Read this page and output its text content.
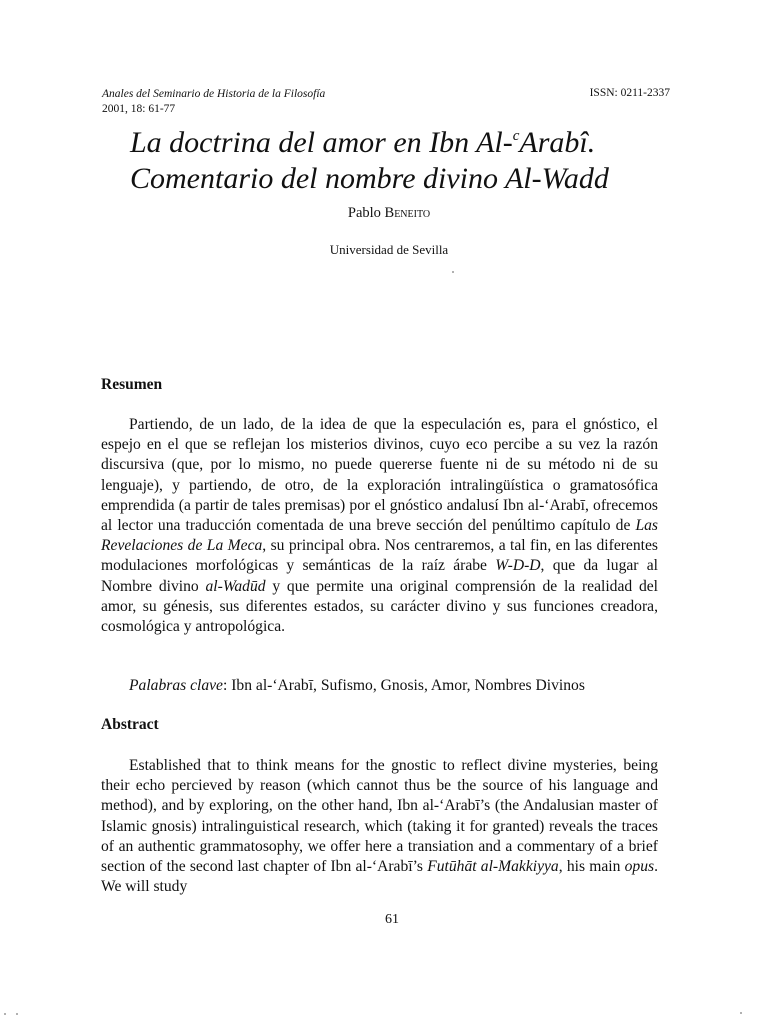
Anales del Seminario de Historia de la Filosofía
2001, 18: 61-77
ISSN: 0211-2337
La doctrina del amor en Ibn Al-$^c$Arabî.
Comentario del nombre divino Al-Wadd
Pablo Beneito
Universidad de Sevilla
Resumen

Partiendo, de un lado, de la idea de que la especulación es, para el gnóstico, el espejo en el que se reflejan los misterios divinos, cuyo eco percibe a su vez la razón discursiva (que, por lo mismo, no puede quererse fuente ni de su método ni de su lenguaje), y partiendo, de otro, de la exploración intralingüística o gramatosófica emprendida (a partir de tales premisas) por el gnóstico andalusí Ibn al-‘Arabī, ofrecemos al lector una traducción comentada de una breve sección del penúltimo capítulo de Las Revelaciones de La Meca, su principal obra. Nos centraremos, a tal fin, en las diferentes modulaciones morfológicas y semánticas de la raíz árabe W-D-D, que da lugar al Nombre divino al-Wadūd y que permite una original comprensión de la realidad del amor, su génesis, sus diferentes estados, su carácter divino y sus funciones creadora, cosmológica y antropológica.

Palabras clave: Ibn al-‘Arabī, Sufismo, Gnosis, Amor, Nombres Divinos
Abstract

Established that to think means for the gnostic to reflect divine mysteries, being their echo percieved by reason (which cannot thus be the source of his language and method), and by exploring, on the other hand, Ibn al-‘Arabī’s (the Andalusian master of Islamic gnosis) intralinguistical research, which (taking it for granted) reveals the traces of an authentic grammatosophy, we offer here a transiation and a commentary of a brief section of the second last chapter of Ibn al-‘Arabī’s Futūhāt al-Makkiyya, his main opus. We will study

61
